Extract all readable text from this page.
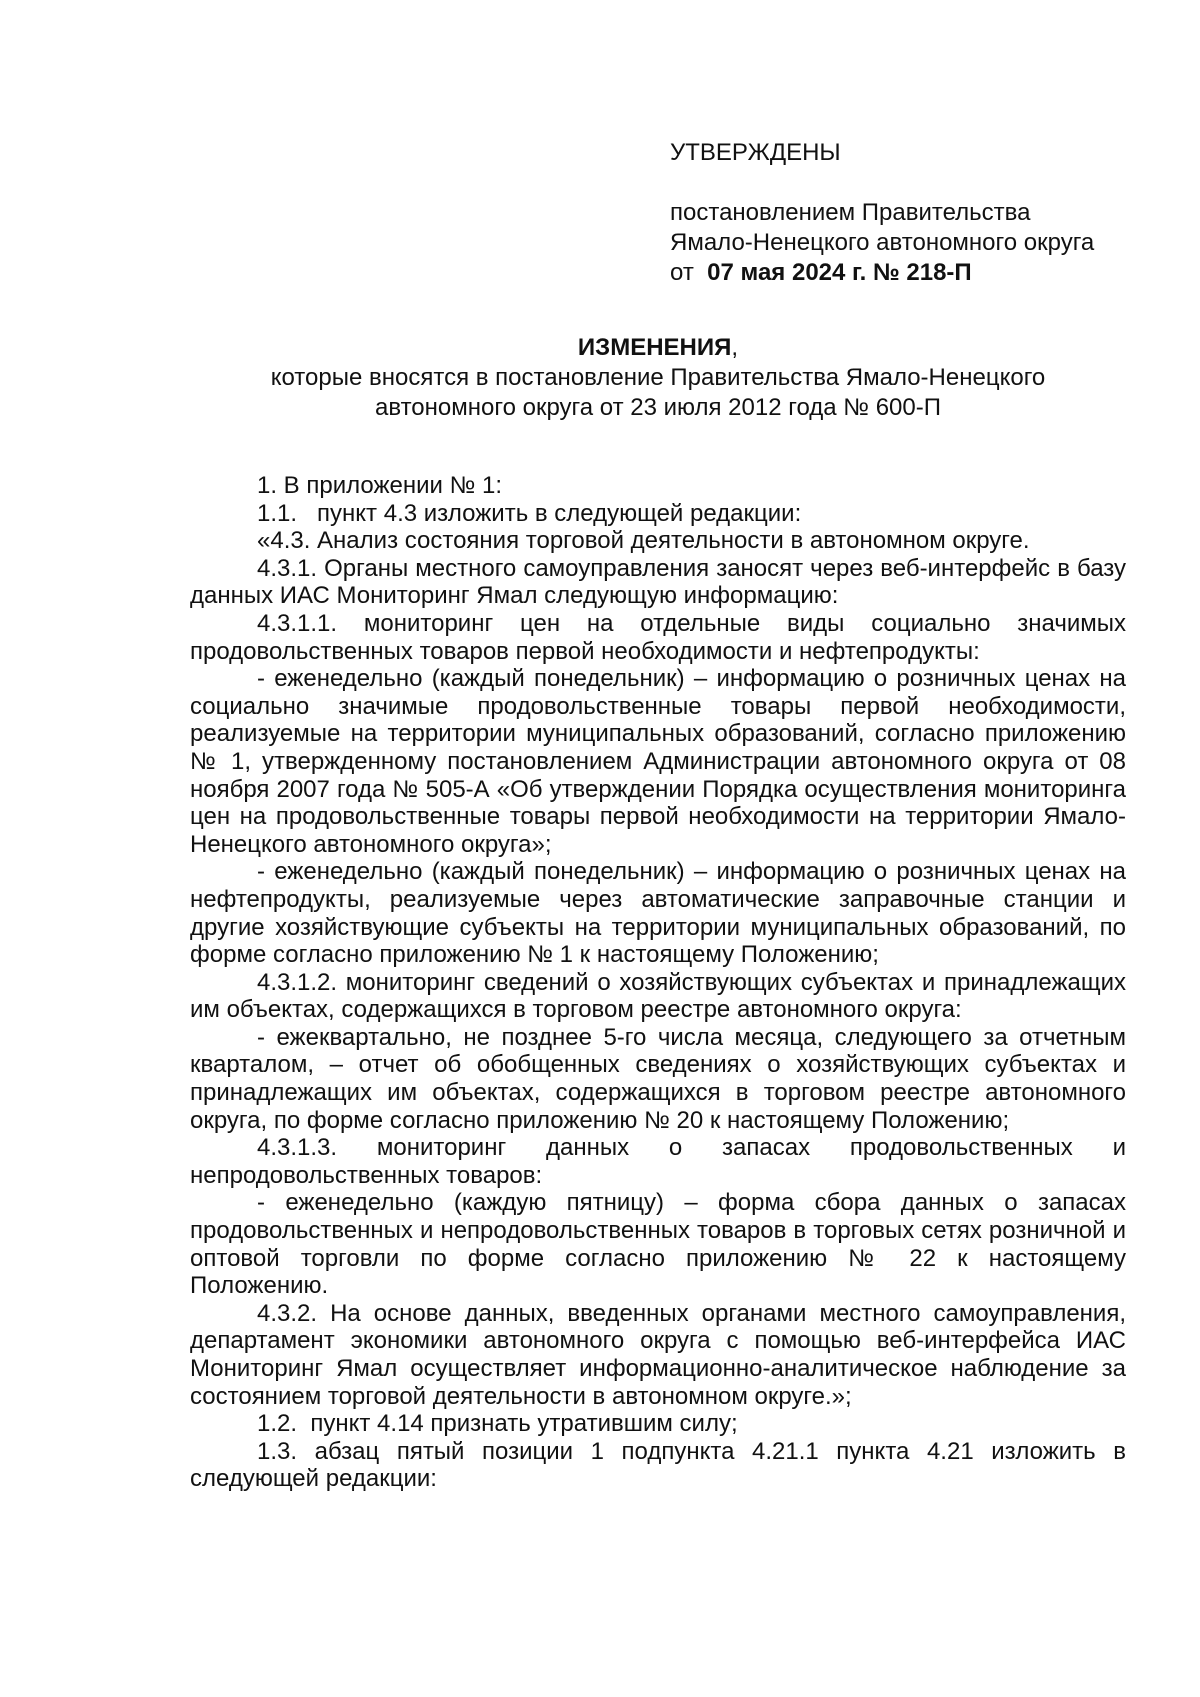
УТВЕРЖДЕНЫ
постановлением Правительства
Ямало-Ненецкого автономного округа
от 07 мая 2024 г. № 218-П
ИЗМЕНЕНИЯ,
которые вносятся в постановление Правительства Ямало-Ненецкого
автономного округа от 23 июля 2012 года № 600-П

1. В приложении № 1:

1.1.   пункт 4.3 изложить в следующей редакции:

«4.3. Анализ состояния торговой деятельности в автономном округе.

4.3.1. Органы местного самоуправления заносят через веб-интерфейс в базу данных ИАС Мониторинг Ямал следующую информацию:

4.3.1.1. мониторинг цен на отдельные виды социально значимых продовольственных товаров первой необходимости и нефтепродукты:

- еженедельно (каждый понедельник) – информацию о розничных ценах на социально значимые продовольственные товары первой необходимости, реализуемые на территории муниципальных образований, согласно приложению № 1, утвержденному постановлением Администрации автономного округа от 08 ноября 2007 года № 505-А «Об утверждении Порядка осуществления мониторинга цен на продовольственные товары первой необходимости на территории Ямало-Ненецкого автономного округа»;

- еженедельно (каждый понедельник) – информацию о розничных ценах на нефтепродукты, реализуемые через автоматические заправочные станции и другие хозяйствующие субъекты на территории муниципальных образований, по форме согласно приложению № 1 к настоящему Положению;

4.3.1.2. мониторинг сведений о хозяйствующих субъектах и принадлежащих им объектах, содержащихся в торговом реестре автономного округа:

- ежеквартально, не позднее 5-го числа месяца, следующего за отчетным кварталом, – отчет об обобщенных сведениях о хозяйствующих субъектах и принадлежащих им объектах, содержащихся в торговом реестре автономного округа, по форме согласно приложению № 20 к настоящему Положению;

4.3.1.3. мониторинг данных о запасах продовольственных и непродовольственных товаров:

- еженедельно (каждую пятницу) – форма сбора данных о запасах продовольственных и непродовольственных товаров в торговых сетях розничной и оптовой торговли по форме согласно приложению № 22 к настоящему Положению.

4.3.2. На основе данных, введенных органами местного самоуправления, департамент экономики автономного округа с помощью веб-интерфейса ИАС Мониторинг Ямал осуществляет информационно-аналитическое наблюдение за состоянием торговой деятельности в автономном округе.»;

1.2.  пункт 4.14 признать утратившим силу;

1.3. абзац пятый позиции 1 подпункта 4.21.1 пункта 4.21 изложить в следующей редакции:
